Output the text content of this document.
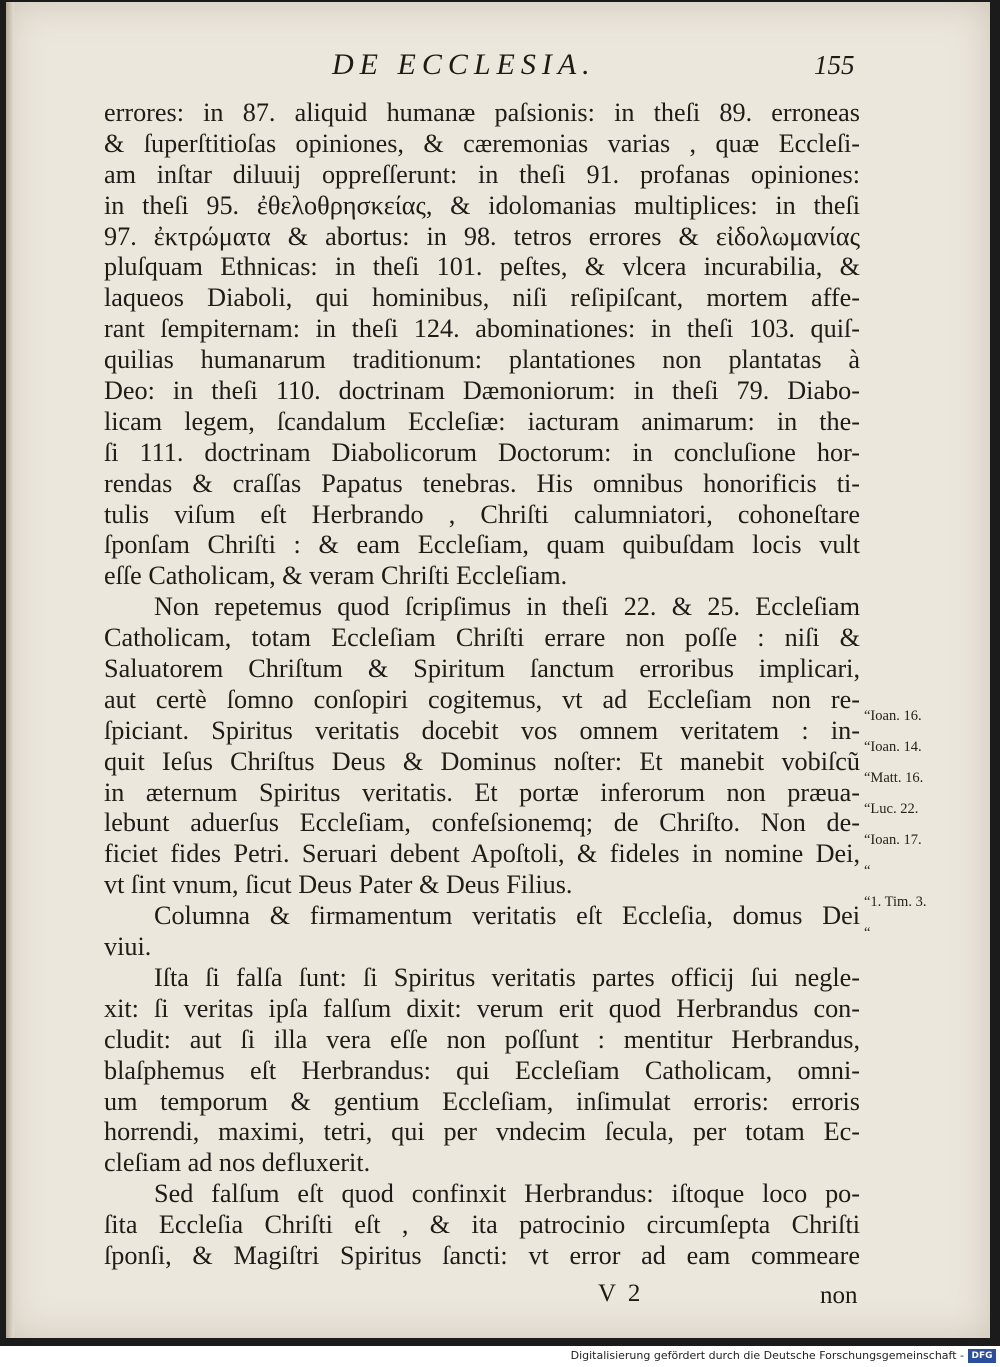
DE ECCLESIA.	155
errores: in 87. aliquid humanæ paſsionis: in theſi 89. erroneas
& ſuperſtitioſas opiniones, & cæremonias varias , quæ Eccleſi-
am inſtar diluuij oppreſſerunt: in theſi 91. profanas opiniones:
in theſi 95. ἐθελοθρησκείας, & idolomanias multiplices: in theſi
97. ἐκτρώματα & abortus: in 98. tetros errores & εἰδολωμανίας
pluſquam Ethnicas: in theſi 101. peſtes, & vlcera incurabilia, &
laqueos Diaboli, qui hominibus, niſi reſipiſcant, mortem affe-
rant ſempiternam: in theſi 124. abominationes: in theſi 103. quiſ-
quilias humanarum traditionum: plantationes non plantatas à
Deo: in theſi 110. doctrinam Dæmoniorum: in theſi 79. Diabo-
licam legem, ſcandalum Eccleſiæ: iacturam animarum: in the-
ſi 111. doctrinam Diabolicorum Doctorum: in concluſione hor-
rendas & craſſas Papatus tenebras. His omnibus honorificis ti-
tulis viſum eſt Herbrando , Chriſti calumniatori, cohoneſtare
ſponſam Chriſti : & eam Eccleſiam, quam quibuſdam locis vult
eſſe Catholicam, & veram Chriſti Eccleſiam.
Non repetemus quod ſcripſimus in theſi 22. & 25. Eccleſiam
Catholicam, totam Eccleſiam Chriſti errare non poſſe : niſi &
Saluatorem Chriſtum & Spiritum ſanctum erroribus implicari,
aut certè ſomno conſopiri cogitemus, vt ad Eccleſiam non re-
ſpiciant. Spiritus veritatis docebit vos omnem veritatem : in-
quit Ieſus Chriſtus Deus & Dominus noſter: Et manebit vobiſcũ
in æternum Spiritus veritatis. Et portæ inferorum non præua-
lebunt aduerſus Eccleſiam, confeſsionemq; de Chriſto. Non de-
ficiet fides Petri. Seruari debent Apoſtoli, & fideles in nomine Dei,
vt ſint vnum, ſicut Deus Pater & Deus Filius.
Columna & firmamentum veritatis eſt Eccleſia, domus Dei
viui.
Iſta ſi falſa ſunt: ſi Spiritus veritatis partes officij ſui negle-
xit: ſi veritas ipſa falſum dixit: verum erit quod Herbrandus con-
cludit: aut ſi illa vera eſſe non poſſunt : mentitur Herbrandus,
blaſphemus eſt Herbrandus: qui Eccleſiam Catholicam, omni-
um temporum & gentium Eccleſiam, inſimulat erroris: erroris
horrendi, maximi, tetri, qui per vndecim ſecula, per totam Ec-
cleſiam ad nos defluxerit.
Sed falſum eſt quod confinxit Herbrandus: iſtoque loco po-
ſita Eccleſia Chriſti eſt , & ita patrocinio circumſepta Chriſti
ſponſi, & Magiſtri Spiritus ſancti: vt error ad eam commeare
“Ioan. 16.
“Ioan. 14.
“Matt. 16.
“Luc. 22.
“Ioan. 17.
“
“1. Tim. 3.
“
V 2	non
Digitalisierung gefördert durch die Deutsche Forschungsgemeinschaft - DFG
